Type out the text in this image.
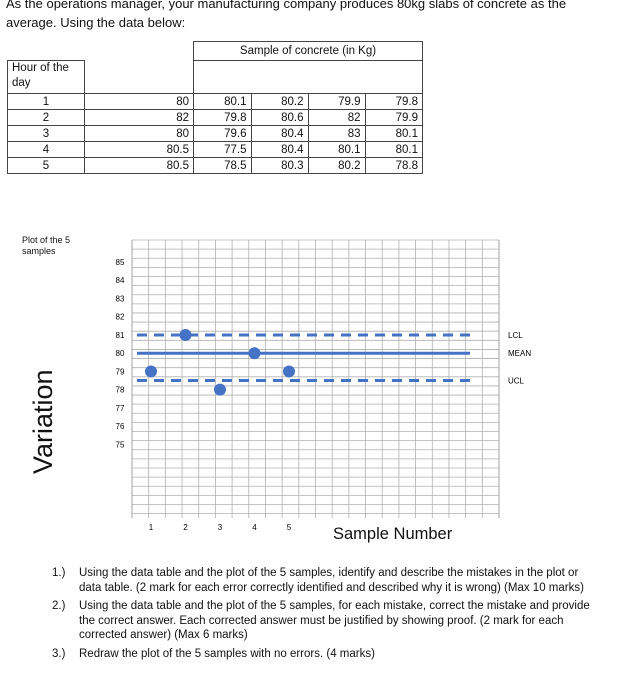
As the operations manager, your manufacturing company produces 80kg slabs of concrete as the
average. Using the data below:
		Sample of concrete (in Kg)			
Hour of the day					
1	80	80.1	80.2	79.9	79.8
2	82	79.8	80.6	82	79.9
3	80	79.6	80.4	83	80.1
4	80.5	77.5	80.4	80.1	80.1
5	80.5	78.5	80.3	80.2	78.8
Plot of the 5 samples
LCL
MEAN
UCL
85
84
83
82
81
80
79
78
77
76
75
1	2	3	4	5
Variation
Sample Number
1.) Using the data table and the plot of the 5 samples, identify and describe the mistakes in the plot or data table. (2 mark for each error correctly identified and described why it is wrong) (Max 10 marks)
2.) Using the data table and the plot of the 5 samples, for each mistake, correct the mistake and provide the correct answer. Each corrected answer must be justified by showing proof. (2 mark for each corrected answer) (Max 6 marks)
3.) Redraw the plot of the 5 samples with no errors. (4 marks)
